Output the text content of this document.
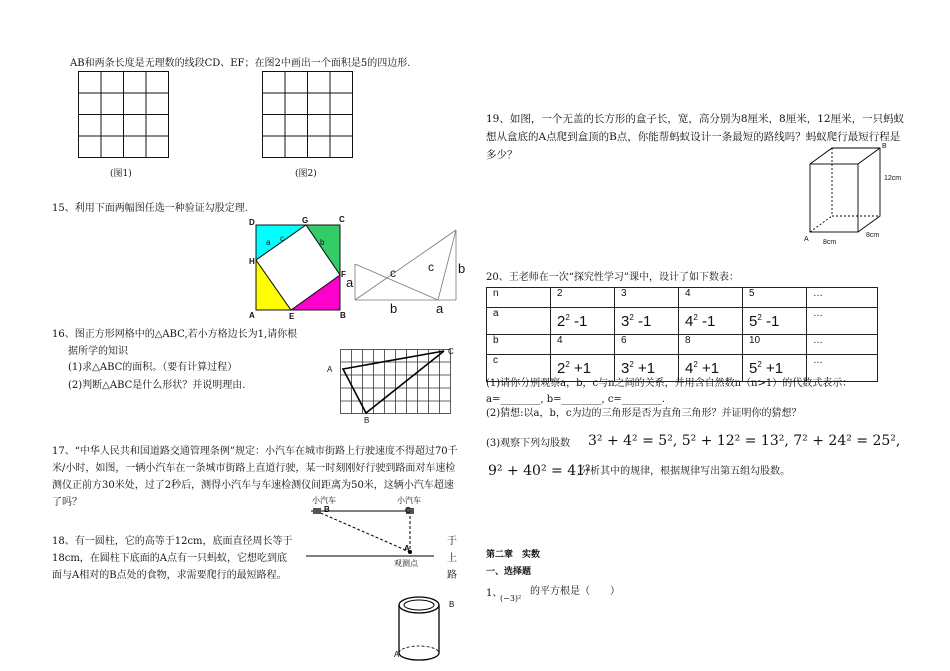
AB和两条长度是无理数的线段CD、EF；在图2中画出一个面积是5的四边形.
(图1)	(图2)
15、利用下面两幅图任选一种验证勾股定理.
D	G	C
H
F
A	E	B
c
a	b
c	c
a
b
b	a
16、图正方形网格中的△ABC,若小方格边长为1,请你根
据所学的知识
(1)求△ABC的面积。（要有计算过程）
(2)判断△ABC是什么形状？并说明理由.
A
B
C
17、“中华人民共和国道路交通管理条例”规定：小汽车在城市街路上行驶速度不得超过70千米/小时，如图，一辆小汽车在一条城市街路上直道行驶，某一时刻刚好行驶到路面对车速检测仪正前方30米处，过了2秒后，测得小汽车与车速检测仪间距离为50米，这辆小汽车超速了吗？	小汽车	小汽车
B	C
A
观测点
18、有一圆柱，它的高等于12cm，底面直径周长等于18cm，在圆柱下底面的A点有一只蚂蚁，它想吃到底面与A相对的B点处的食物，求需要爬行的最短路程。
于上路
B
A
19、如图，一个无盖的长方形的盒子长，宽，高分别为8厘米，8厘米，12厘米，一只蚂蚁想从盒底的A点爬到盒顶的B点，你能帮蚂蚁设计一条最短的路线吗？蚂蚁爬行最短行程是多少？
B
12cm
A 8cm
8cm
20、王老师在一次“探究性学习”课中，设计了如下数表：
n	2	3	4	5	…
a	$2^2$ -1	$3^2$ -1	$4^2$ -1	$5^2$ -1	…
b	4	6	8	10	…
c	$2^2 +1$	$3^2 +1$	$4^2 +1$	$5^2 +1$	…
(1)请你分别观察a，b，c与n之间的关系，并用含自然数n（n>1）的代数式表示：
a=________, b=________, c=________.
(2)猜想:以a，b，c为边的三角形是否为直角三角形？并证明你的猜想？
(3)观察下列勾股数 3² + 4² = 5², 5² + 12² = 13², 7² + 24² = 25²,
9² + 40² = 41²
,分析其中的规律，根据规律写出第五组勾股数。
第二章　实数
一、选择题
1、
(−3)²
的平方根是（　　）
